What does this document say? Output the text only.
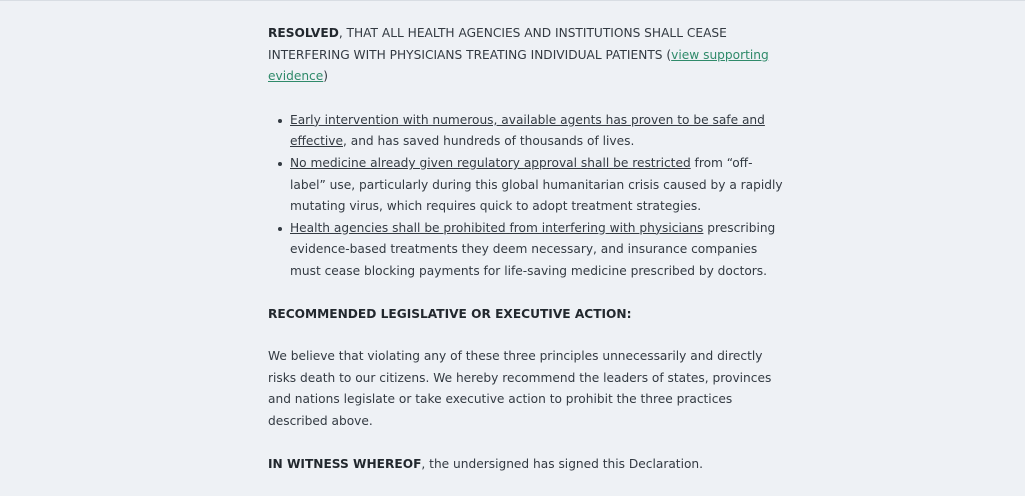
RESOLVED, THAT ALL HEALTH AGENCIES AND INSTITUTIONS SHALL CEASE INTERFERING WITH PHYSICIANS TREATING INDIVIDUAL PATIENTS (view supporting evidence)

Early intervention with numerous, available agents has proven to be safe and effective, and has saved hundreds of thousands of lives.
No medicine already given regulatory approval shall be restricted from “off-label” use, particularly during this global humanitarian crisis caused by a rapidly mutating virus, which requires quick to adopt treatment strategies.
Health agencies shall be prohibited from interfering with physicians prescribing evidence-based treatments they deem necessary, and insurance companies must cease blocking payments for life-saving medicine prescribed by doctors.

RECOMMENDED LEGISLATIVE OR EXECUTIVE ACTION:

We believe that violating any of these three principles unnecessarily and directly risks death to our citizens. We hereby recommend the leaders of states, provinces and nations legislate or take executive action to prohibit the three practices described above.

IN WITNESS WHEREOF, the undersigned has signed this Declaration.
